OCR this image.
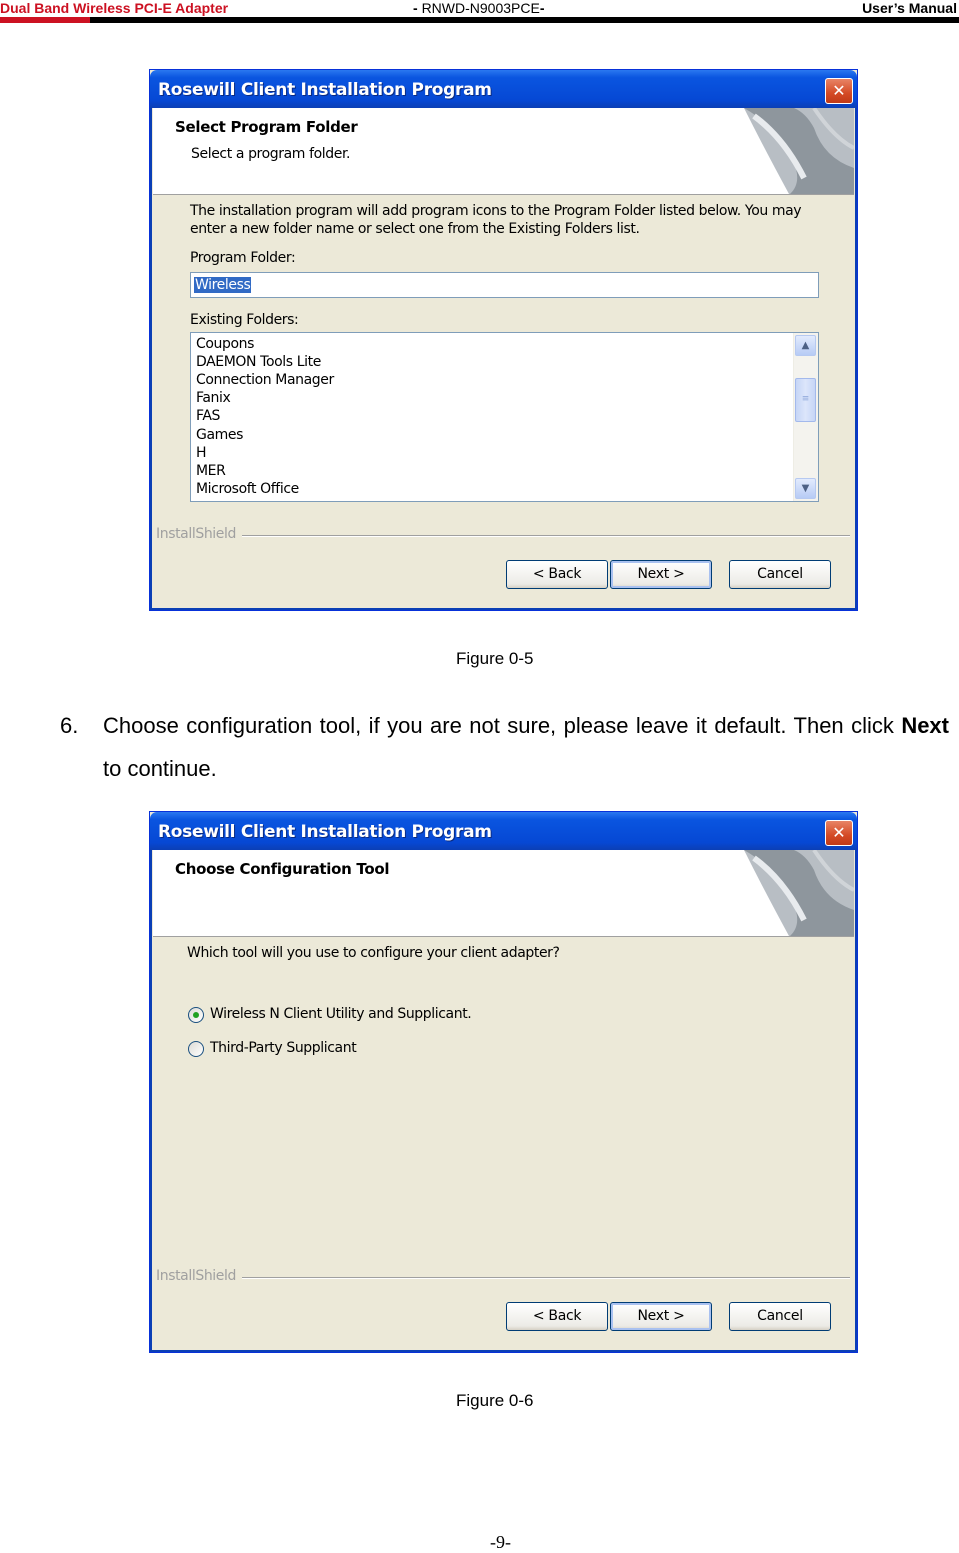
Dual Band Wireless PCI-E Adapter	- RNWD-N9003PCE-	User’s Manual
Rosewill Client Installation Program	✕
Select Program Folder
Select a program folder.
The installation program will add program icons to the Program Folder listed below. You may
enter a new folder name or select one from the Existing Folders list.
Program Folder:
Wireless
Existing Folders:
Coupons
DAEMON Tools Lite
Connection Manager
Fanix
FAS
Games
H
MER
Microsoft Office
▲
≡
▼
InstallShield
< Back	Next >	Cancel
Figure 0-5
6. Choose configuration tool, if you are not sure, please leave it default. Then click Next to continue.
Rosewill Client Installation Program	✕
Choose Configuration Tool
Which tool will you use to configure your client adapter?
Wireless N Client Utility and Supplicant.
Third-Party Supplicant
InstallShield
< Back	Next >	Cancel
Figure 0-6
-9-
